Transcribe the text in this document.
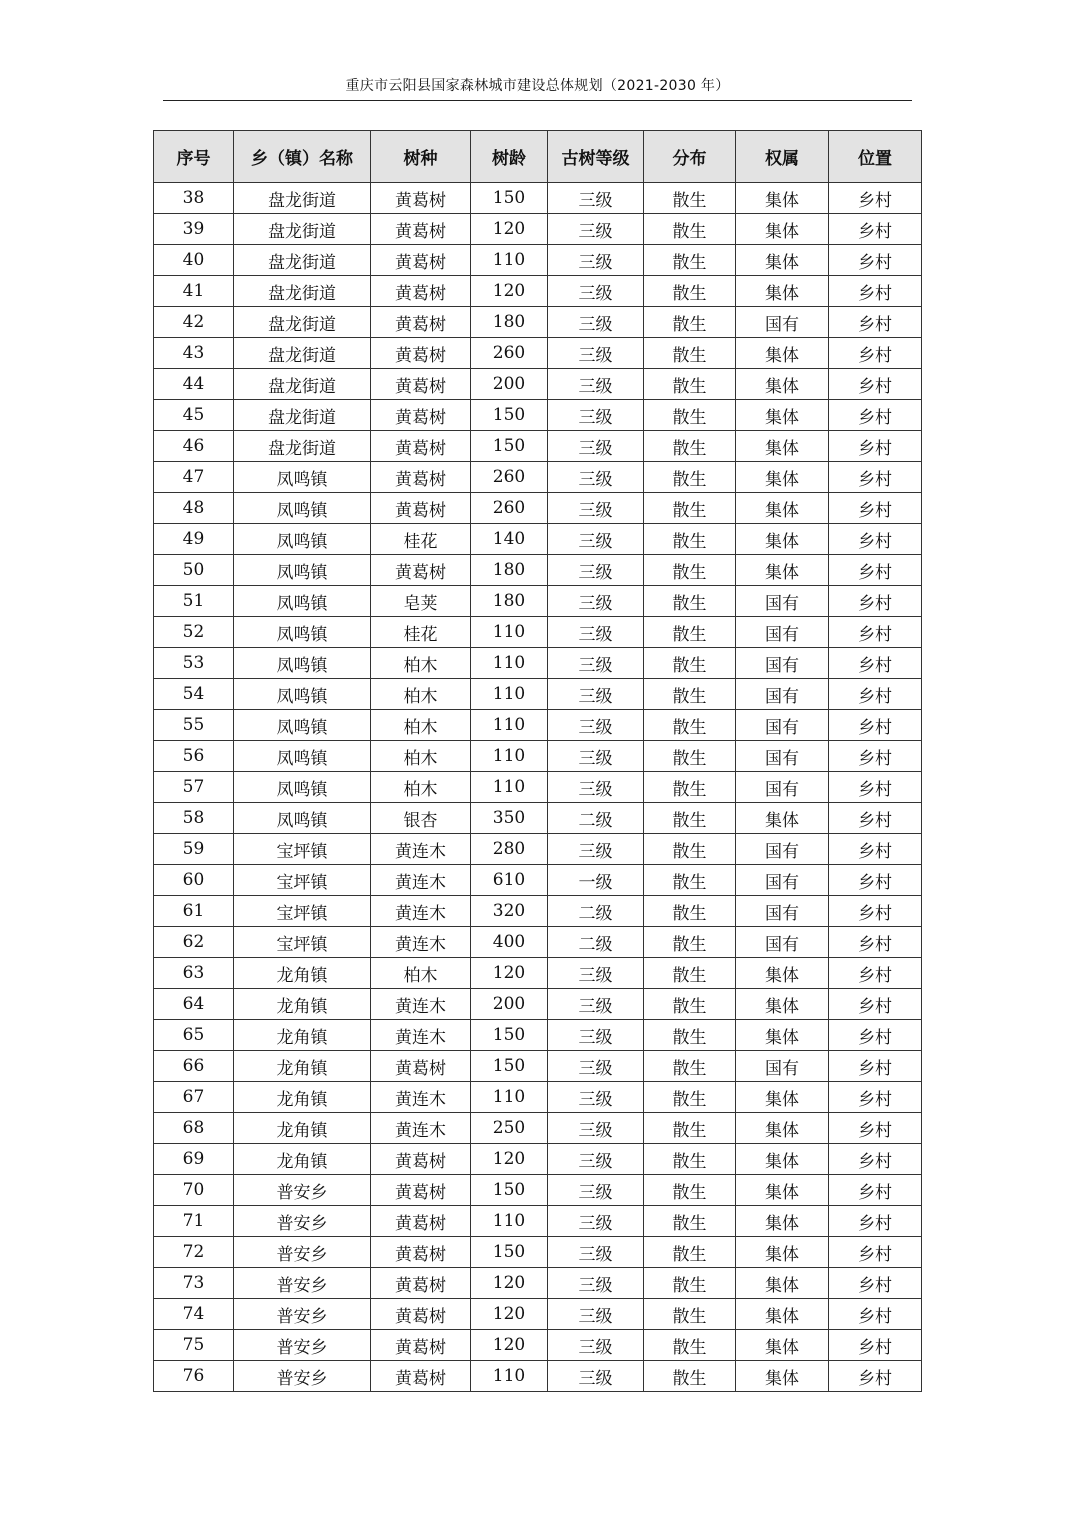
重庆市云阳县国家森林城市建设总体规划（2021-2030 年）
序号	乡（镇）名称	树种	树龄	古树等级	分布	权属	位置
38	盘龙街道	黄葛树	150	三级	散生	集体	乡村
39	盘龙街道	黄葛树	120	三级	散生	集体	乡村
40	盘龙街道	黄葛树	110	三级	散生	集体	乡村
41	盘龙街道	黄葛树	120	三级	散生	集体	乡村
42	盘龙街道	黄葛树	180	三级	散生	国有	乡村
43	盘龙街道	黄葛树	260	三级	散生	集体	乡村
44	盘龙街道	黄葛树	200	三级	散生	集体	乡村
45	盘龙街道	黄葛树	150	三级	散生	集体	乡村
46	盘龙街道	黄葛树	150	三级	散生	集体	乡村
47	凤鸣镇	黄葛树	260	三级	散生	集体	乡村
48	凤鸣镇	黄葛树	260	三级	散生	集体	乡村
49	凤鸣镇	桂花	140	三级	散生	集体	乡村
50	凤鸣镇	黄葛树	180	三级	散生	集体	乡村
51	凤鸣镇	皂荚	180	三级	散生	国有	乡村
52	凤鸣镇	桂花	110	三级	散生	国有	乡村
53	凤鸣镇	柏木	110	三级	散生	国有	乡村
54	凤鸣镇	柏木	110	三级	散生	国有	乡村
55	凤鸣镇	柏木	110	三级	散生	国有	乡村
56	凤鸣镇	柏木	110	三级	散生	国有	乡村
57	凤鸣镇	柏木	110	三级	散生	国有	乡村
58	凤鸣镇	银杏	350	二级	散生	集体	乡村
59	宝坪镇	黄连木	280	三级	散生	国有	乡村
60	宝坪镇	黄连木	610	一级	散生	国有	乡村
61	宝坪镇	黄连木	320	二级	散生	国有	乡村
62	宝坪镇	黄连木	400	二级	散生	国有	乡村
63	龙角镇	柏木	120	三级	散生	集体	乡村
64	龙角镇	黄连木	200	三级	散生	集体	乡村
65	龙角镇	黄连木	150	三级	散生	集体	乡村
66	龙角镇	黄葛树	150	三级	散生	国有	乡村
67	龙角镇	黄连木	110	三级	散生	集体	乡村
68	龙角镇	黄连木	250	三级	散生	集体	乡村
69	龙角镇	黄葛树	120	三级	散生	集体	乡村
70	普安乡	黄葛树	150	三级	散生	集体	乡村
71	普安乡	黄葛树	110	三级	散生	集体	乡村
72	普安乡	黄葛树	150	三级	散生	集体	乡村
73	普安乡	黄葛树	120	三级	散生	集体	乡村
74	普安乡	黄葛树	120	三级	散生	集体	乡村
75	普安乡	黄葛树	120	三级	散生	集体	乡村
76	普安乡	黄葛树	110	三级	散生	集体	乡村
